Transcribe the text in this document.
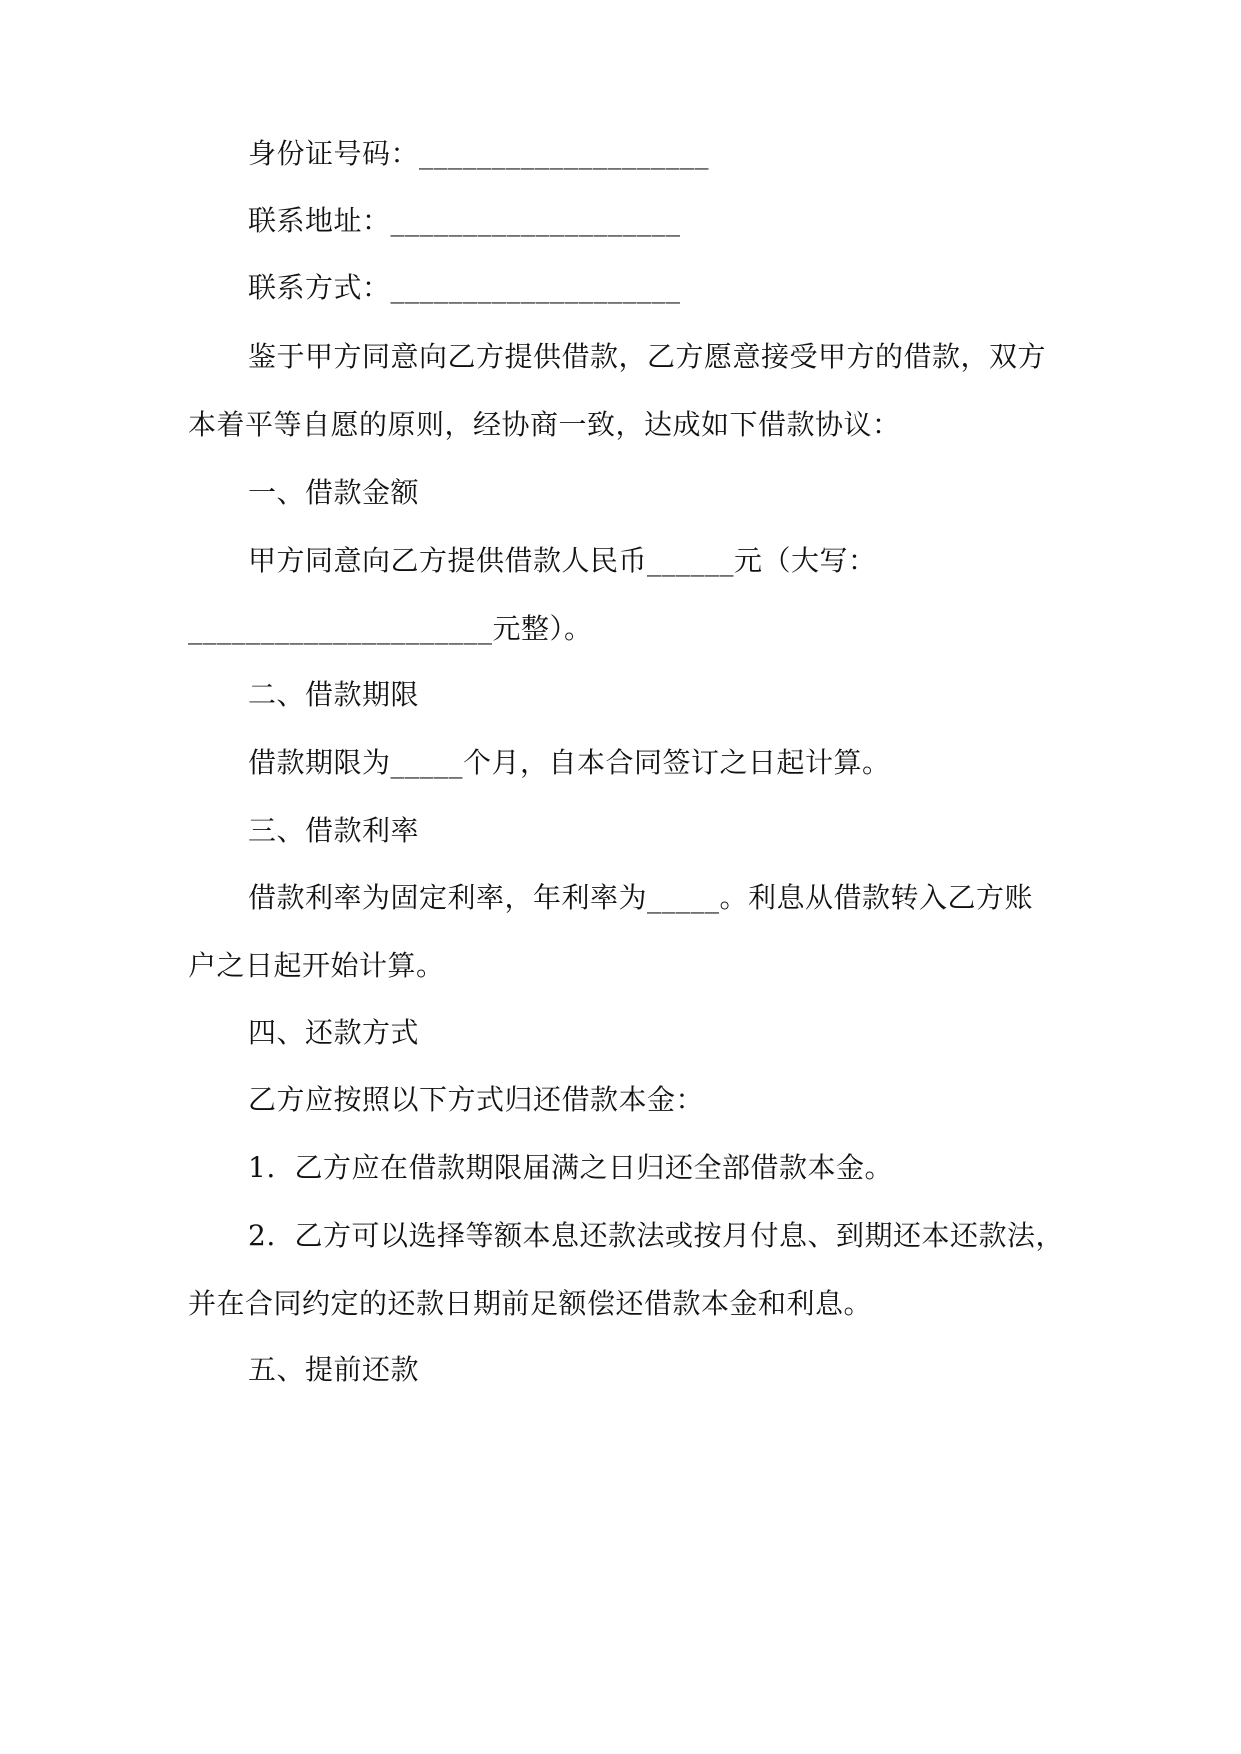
身份证号码：____________________
联系地址：____________________
联系方式：____________________
鉴于甲方同意向乙方提供借款，乙方愿意接受甲方的借款，双方
本着平等自愿的原则，经协商一致，达成如下借款协议：
一、借款金额
甲方同意向乙方提供借款人民币______元（大写：
_____________________元整）。
二、借款期限
借款期限为_____个月，自本合同签订之日起计算。
三、借款利率
借款利率为固定利率，年利率为_____。利息从借款转入乙方账
户之日起开始计算。
四、还款方式
乙方应按照以下方式归还借款本金：
1.  乙方应在借款期限届满之日归还全部借款本金。
2.  乙方可以选择等额本息还款法或按月付息、到期还本还款法，
并在合同约定的还款日期前足额偿还借款本金和利息。
五、提前还款
